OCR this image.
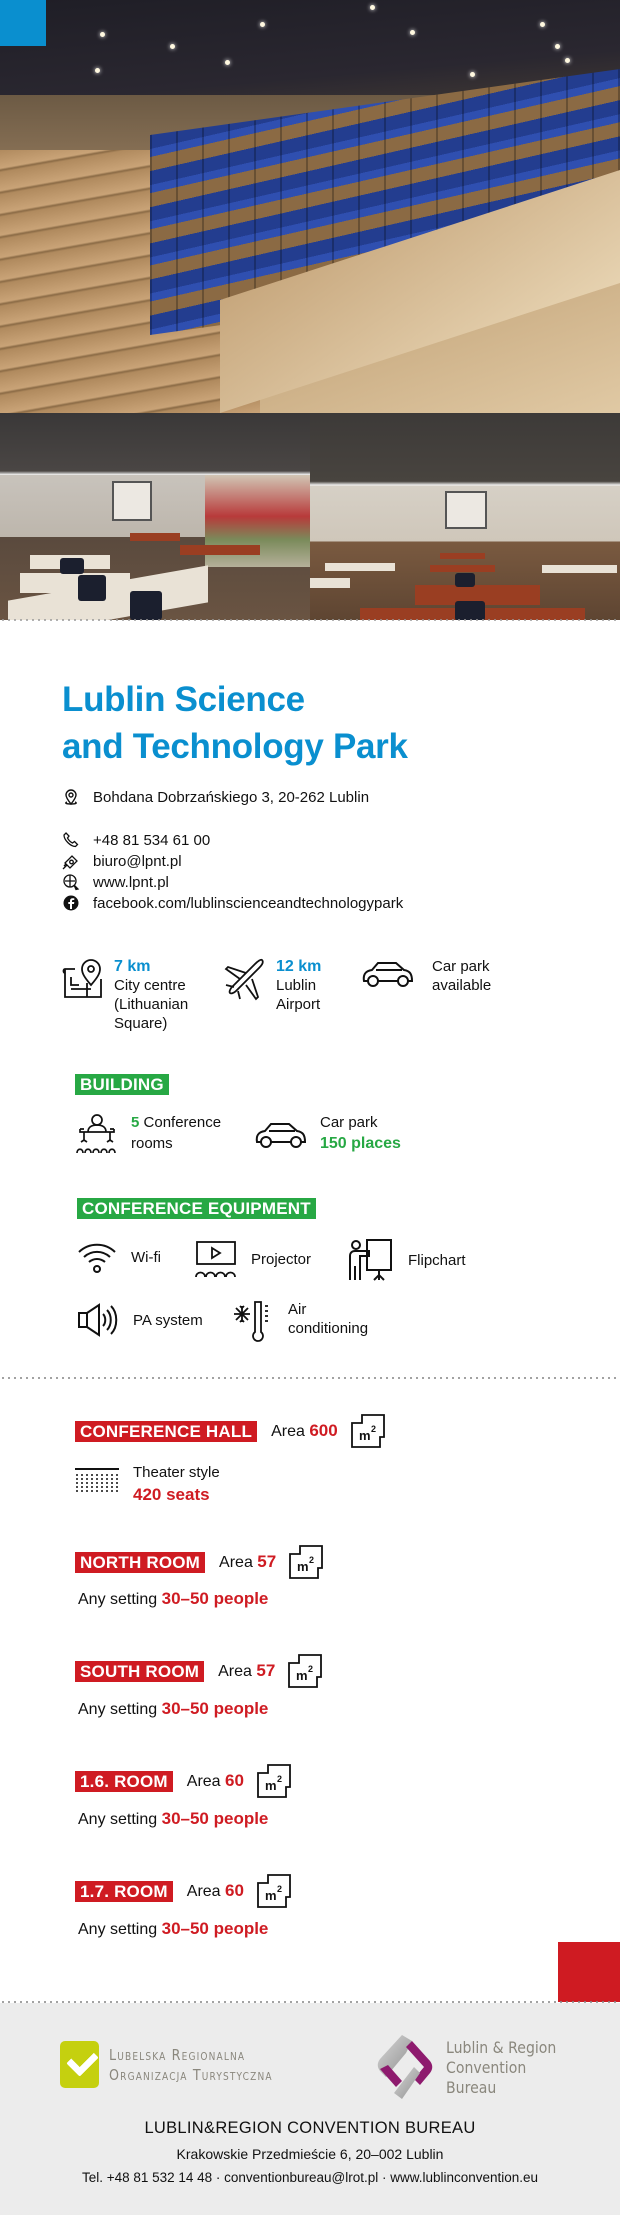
Lublin Science
and Technology Park
Bohdana Dobrzańskiego 3, 20-262 Lublin
+48 81 534 61 00
biuro@lpnt.pl
www.lpnt.pl
facebook.com/lublinscienceandtechnologypark
7 km
City centre
(Lithuanian
Square)
12 km
Lublin
Airport
Car park
available
BUILDING
5 Conference
rooms
Car park
150 places
CONFERENCE EQUIPMENT
Wi-fi	Projector	Flipchart
PA system
Air
conditioning
CONFERENCE HALL	Area 600 m 2
Theater style
420 seats
NORTH ROOM	Area 57 m 2
Any setting 30–50 people
SOUTH ROOM	Area 57 m 2
Any setting 30–50 people
1.6. ROOM	Area 60 m 2
Any setting 30–50 people
1.7. ROOM	Area 60 m 2
Any setting 30–50 people
Lubelska Regionalna
Organizacja Turystyczna
Lublin & Region
Convention
Bureau
LUBLIN&REGION CONVENTION BUREAU
Krakowskie Przedmieście 6, 20–002 Lublin
Tel. +48 81 532 14 48 · conventionbureau@lrot.pl · www.lublinconvention.eu
